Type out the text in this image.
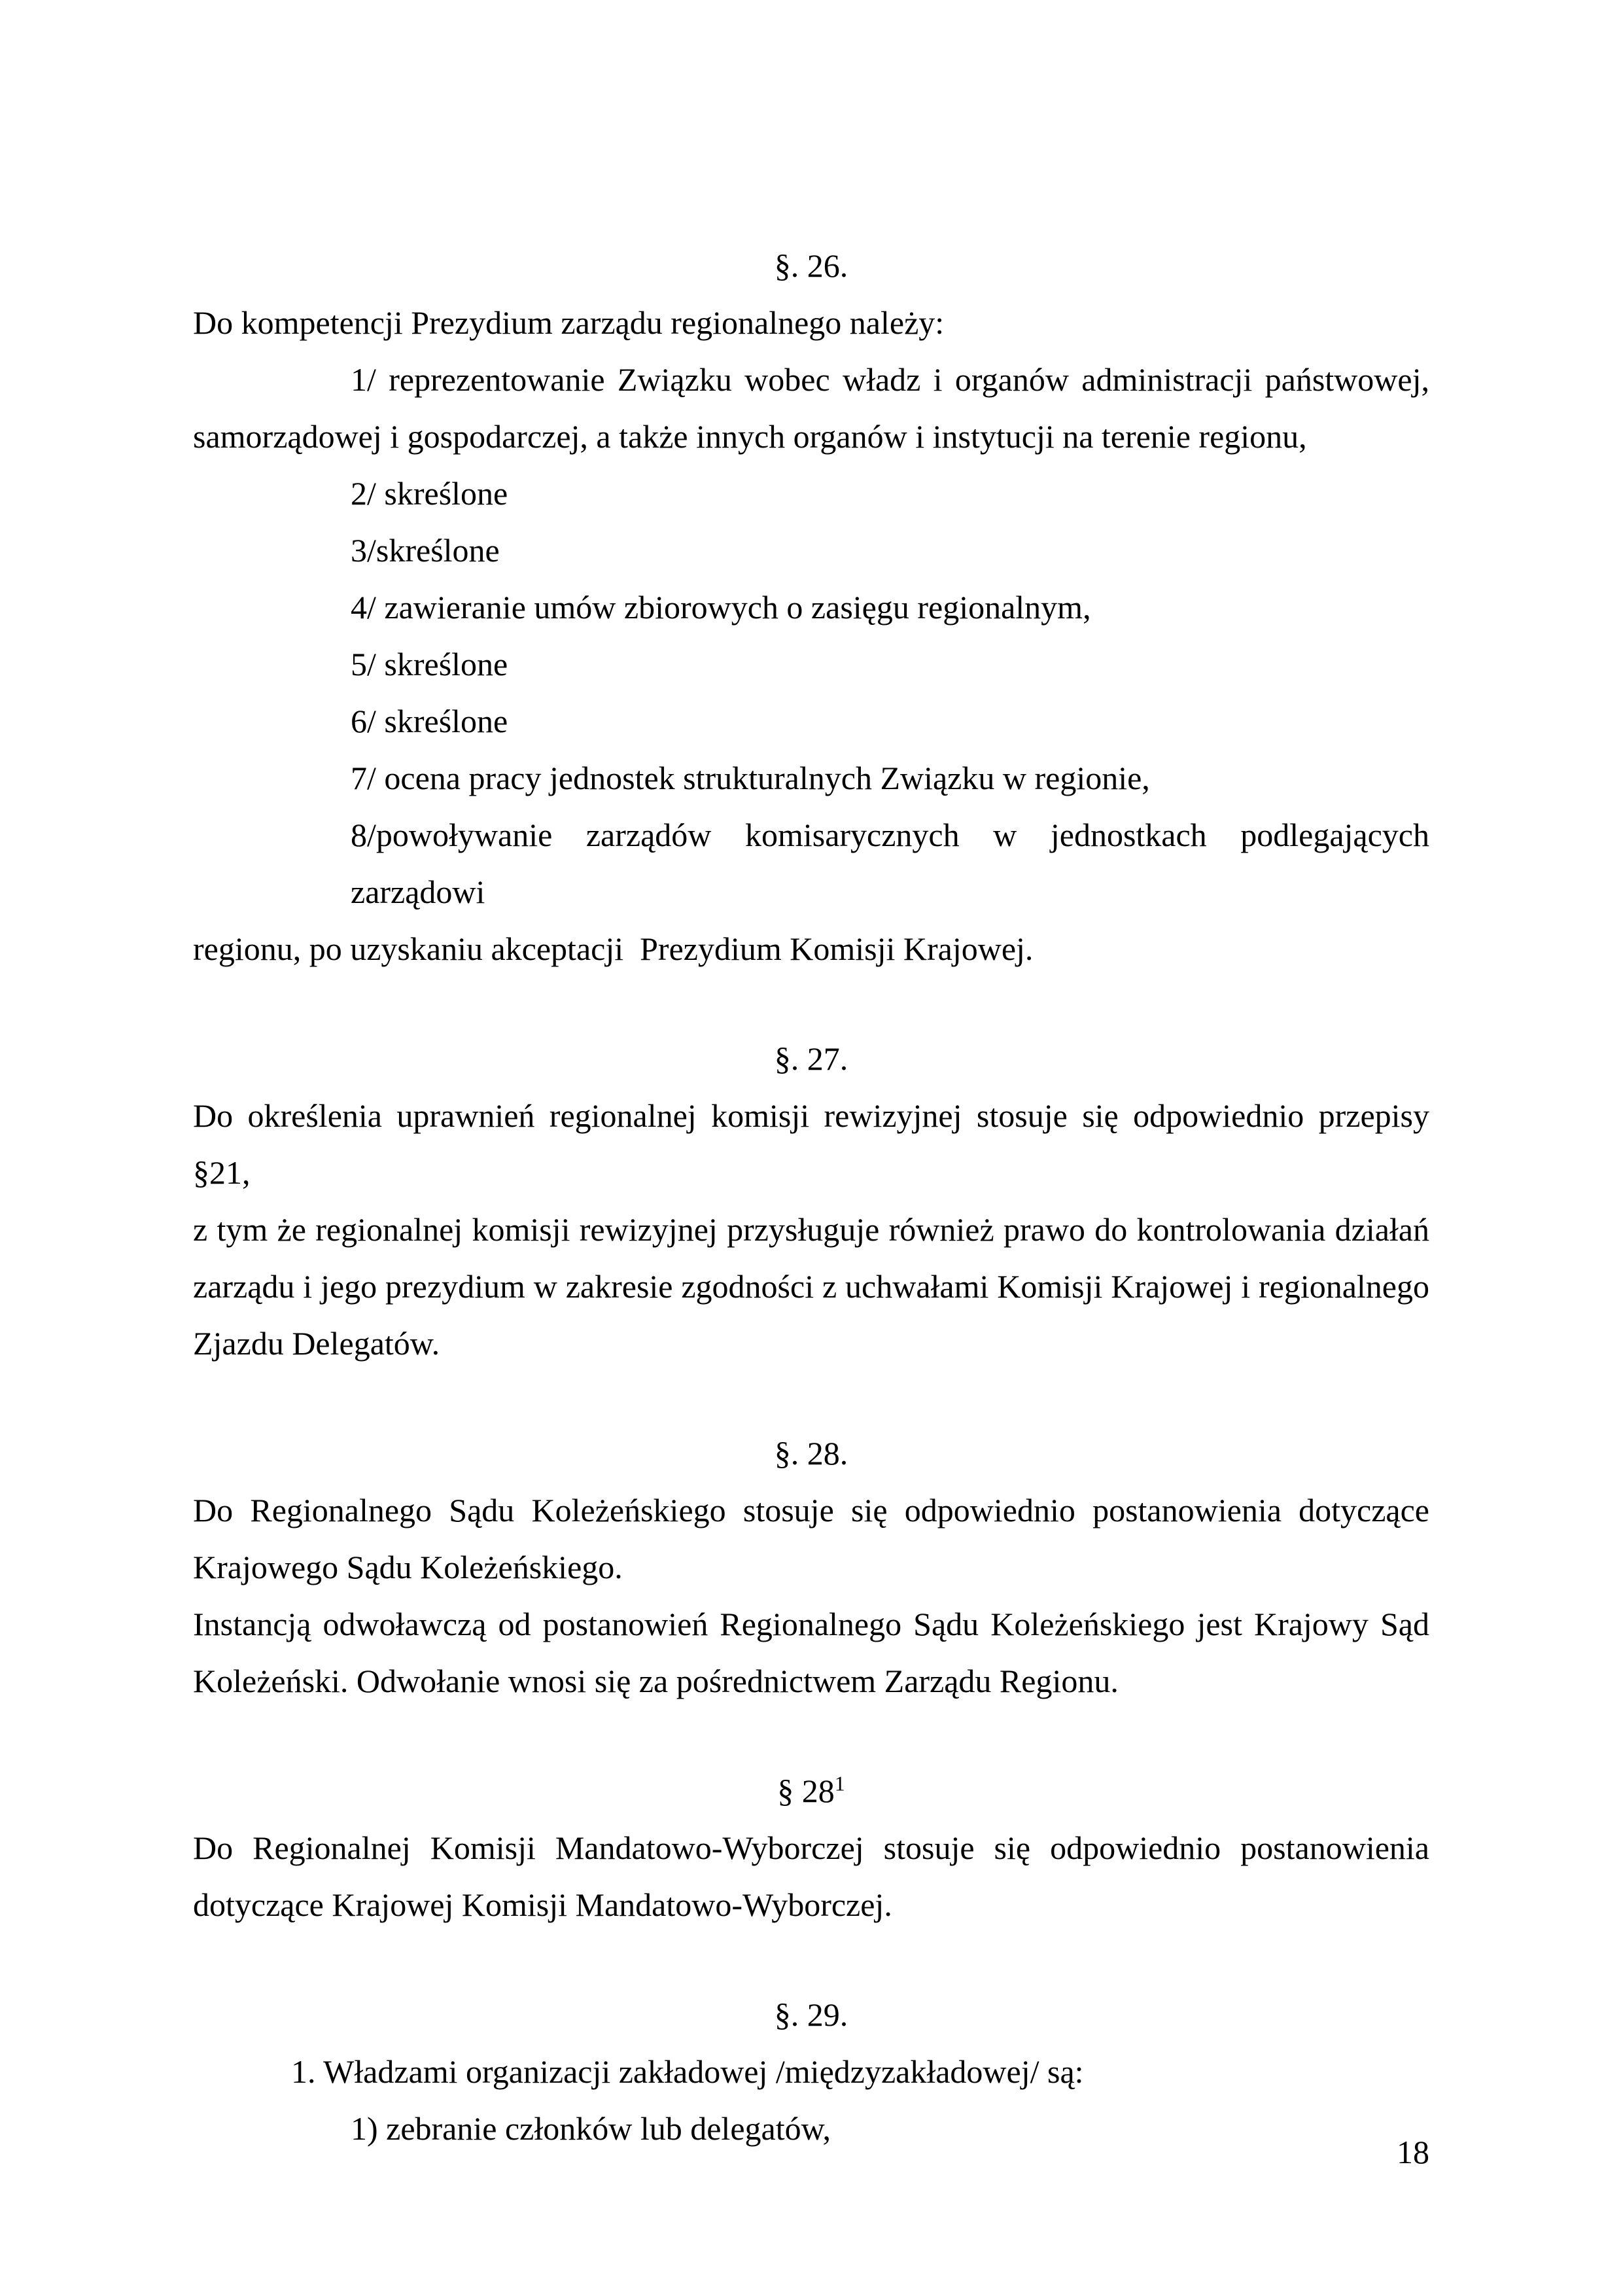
§. 26.
Do kompetencji Prezydium zarządu regionalnego należy:
1/ reprezentowanie Związku wobec władz i organów administracji państwowej,
samorządowej i gospodarczej, a także innych organów i instytucji na terenie regionu,
2/ skreślone
3/skreślone
4/ zawieranie umów zbiorowych o zasięgu regionalnym,
5/ skreślone
6/ skreślone
7/ ocena pracy jednostek strukturalnych Związku w regionie,
8/powoływanie zarządów komisarycznych w jednostkach podlegających zarządowi
regionu, po uzyskaniu akceptacji  Prezydium Komisji Krajowej.
§. 27.
Do określenia uprawnień regionalnej komisji rewizyjnej stosuje się odpowiednio przepisy §21,
z tym że regionalnej komisji rewizyjnej przysługuje również prawo do kontrolowania działań
zarządu i jego prezydium w zakresie zgodności z uchwałami Komisji Krajowej i regionalnego
Zjazdu Delegatów.
§. 28.
Do Regionalnego Sądu Koleżeńskiego stosuje się odpowiednio postanowienia dotyczące
Krajowego Sądu Koleżeńskiego.
Instancją odwoławczą od postanowień Regionalnego Sądu Koleżeńskiego jest Krajowy Sąd
Koleżeński. Odwołanie wnosi się za pośrednictwem Zarządu Regionu.
§ $28^1$
Do Regionalnej Komisji Mandatowo-Wyborczej stosuje się odpowiednio postanowienia
dotyczące Krajowej Komisji Mandatowo-Wyborczej.
§. 29.
1. Władzami organizacji zakładowej /międzyzakładowej/ są:
1) zebranie członków lub delegatów,
18
